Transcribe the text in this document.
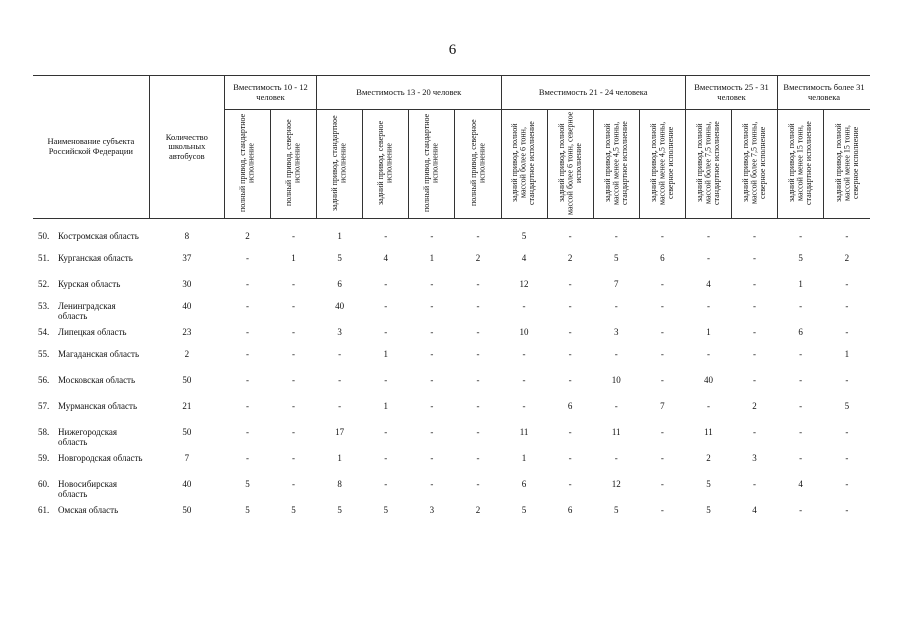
6
Наименование субъекта Российской Федерации	Количество школьных автобусов	Вместимость 10 - 12 человек		Вместимость 13 - 20 человек				Вместимость 21 - 24 человека				Вместимость 25 - 31 человек		Вместимость более 31 человека	
		полный привод, стандартное исполнение	полный привод, северное исполнение	задний привод, стандартное исполнение	задний привод, северное исполнение	полный привод, стандартное исполнение	полный привод, северное исполнение	задний привод, полной массой более 6 тонн, стандартное исполнение	задний привод, полной массой более 6 тонн, северное исполнение	задний привод, полной массой менее 4,5 тонны, стандартное исполнение	задний привод, полной массой менее 4,5 тонны, северное исполнение	задний привод, полной массой более 7,5 тонны, стандартное исполнение	задний привод, полной массой более 7,5 тонны, северное исполнение	задний привод, полной массой менее 15 тонн, стандартное исполнение	задний привод, полной массой менее 15 тонн, северное исполнение

50. Костромская область	8	2	-	1	-	-	-	5	-	-	-	-	-	-	-
51. Курганская область	37	-	1	5	4	1	2	4	2	5	6	-	-	5	2
52. Курская область	30	-	-	6	-	-	-	12	-	7	-	4	-	1	-
53. Ленинградская область	40	-	-	40	-	-	-	-	-	-	-	-	-	-	-
54. Липецкая область	23	-	-	3	-	-	-	10	-	3	-	1	-	6	-
55. Магаданская область	2	-	-	-	1	-	-	-	-	-	-	-	-	-	1
56. Московская область	50	-	-	-	-	-	-	-	-	10	-	40	-	-	-
57. Мурманская область	21	-	-	-	1	-	-	-	6	-	7	-	2	-	5
58. Нижегородская область	50	-	-	17	-	-	-	11	-	11	-	11	-	-	-
59. Новгородская область	7	-	-	1	-	-	-	1	-	-	-	2	3	-	-
60. Новосибирская область	40	5	-	8	-	-	-	6	-	12	-	5	-	4	-
61. Омская область	50	5	5	5	5	3	2	5	6	5	-	5	4	-	-
